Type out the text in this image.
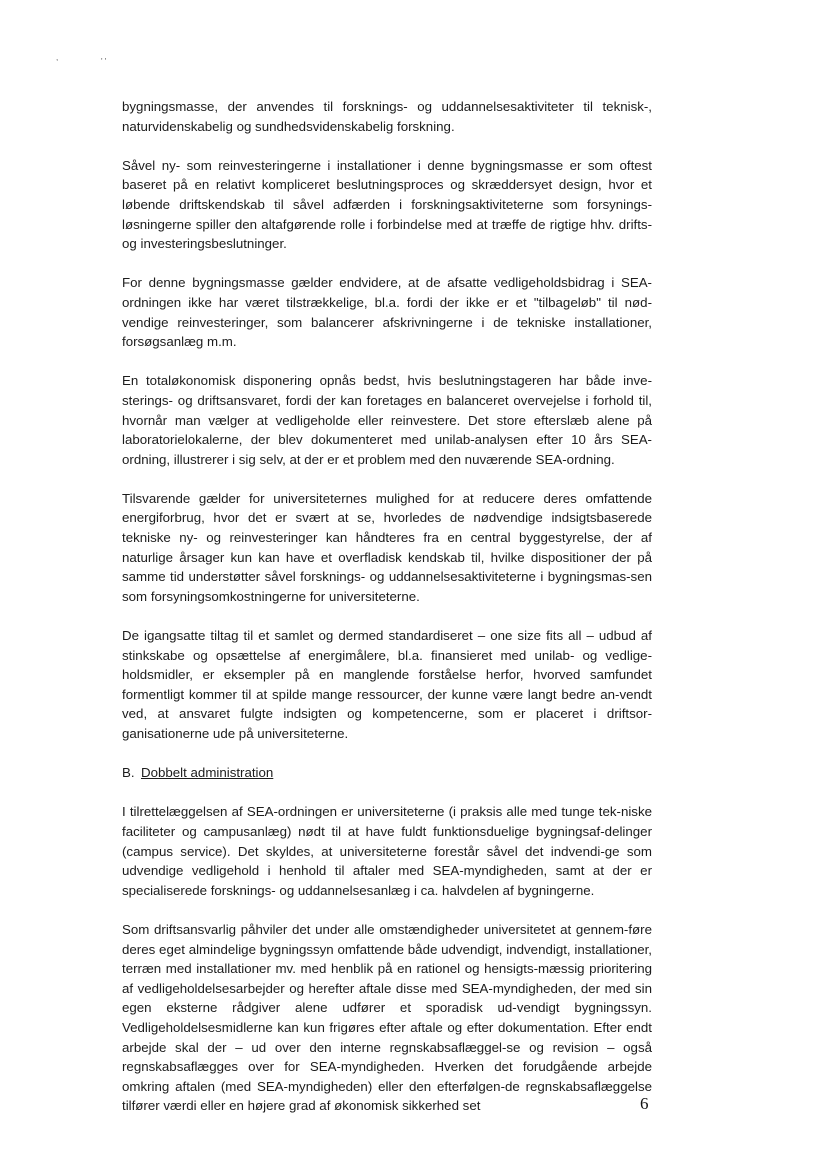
,	' '

bygningsmasse, der anvendes til forsknings- og uddannelsesaktiviteter til teknisk-, naturvidenskabelig og sundhedsvidenskabelig forskning.

Såvel ny- som reinvesteringerne i installationer i denne bygningsmasse er som oftest baseret på en relativt kompliceret beslutningsproces og skræddersyet design, hvor et løbende driftskendskab til såvel adfærden i forskningsaktiviteterne som forsynings-løsningerne spiller den altafgørende rolle i forbindelse med at træffe de rigtige hhv. drifts- og investeringsbeslutninger.

For denne bygningsmasse gælder endvidere, at de afsatte vedligeholdsbidrag i SEA-ordningen ikke har været tilstrækkelige, bl.a. fordi der ikke er et "tilbageløb" til nød-vendige reinvesteringer, som balancerer afskrivningerne i de tekniske installationer, forsøgsanlæg m.m.

En totaløkonomisk disponering opnås bedst, hvis beslutningstageren har både inve-sterings- og driftsansvaret, fordi der kan foretages en balanceret overvejelse i forhold til, hvornår man vælger at vedligeholde eller reinvestere. Det store efterslæb alene på laboratorielokalerne, der blev dokumenteret med unilab-analysen efter 10 års SEA-ordning, illustrerer i sig selv, at der er et problem med den nuværende SEA-ordning.

Tilsvarende gælder for universiteternes mulighed for at reducere deres omfattende energiforbrug, hvor det er svært at se, hvorledes de nødvendige indsigtsbaserede tekniske ny- og reinvesteringer kan håndteres fra en central byggestyrelse, der af naturlige årsager kun kan have et overfladisk kendskab til, hvilke dispositioner der på samme tid understøtter såvel forsknings- og uddannelsesaktiviteterne i bygningsmas-sen som forsyningsomkostningerne for universiteterne.

De igangsatte tiltag til et samlet og dermed standardiseret – one size fits all – udbud af stinkskabe og opsættelse af energimålere, bl.a. finansieret med unilab- og vedlige-holdsmidler, er eksempler på en manglende forståelse herfor, hvorved samfundet formentligt kommer til at spilde mange ressourcer, der kunne være langt bedre an-vendt ved, at ansvaret fulgte indsigten og kompetencerne, som er placeret i driftsor-ganisationerne ude på universiteterne.

B. Dobbelt administration

I tilrettelæggelsen af SEA-ordningen er universiteterne (i praksis alle med tunge tek-niske faciliteter og campusanlæg) nødt til at have fuldt funktionsduelige bygningsaf-delinger (campus service). Det skyldes, at universiteterne forestår såvel det indvendi-ge som udvendige vedligehold i henhold til aftaler med SEA-myndigheden, samt at der er specialiserede forsknings- og uddannelsesanlæg i ca. halvdelen af bygningerne.

Som driftsansvarlig påhviler det under alle omstændigheder universitetet at gennem-føre deres eget almindelige bygningssyn omfattende både udvendigt, indvendigt, installationer, terræn med installationer mv. med henblik på en rationel og hensigts-mæssig prioritering af vedligeholdelsesarbejder og herefter aftale disse med SEA-myndigheden, der med sin egen eksterne rådgiver alene udfører et sporadisk ud-vendigt bygningssyn. Vedligeholdelsesmidlerne kan kun frigøres efter aftale og efter dokumentation. Efter endt arbejde skal der – ud over den interne regnskabsaflæggel-se og revision – også regnskabsaflægges over for SEA-myndigheden. Hverken det forudgående arbejde omkring aftalen (med SEA-myndigheden) eller den efterfølgen-de regnskabsaflæggelse tilfører værdi eller en højere grad af økonomisk sikkerhed set	6
